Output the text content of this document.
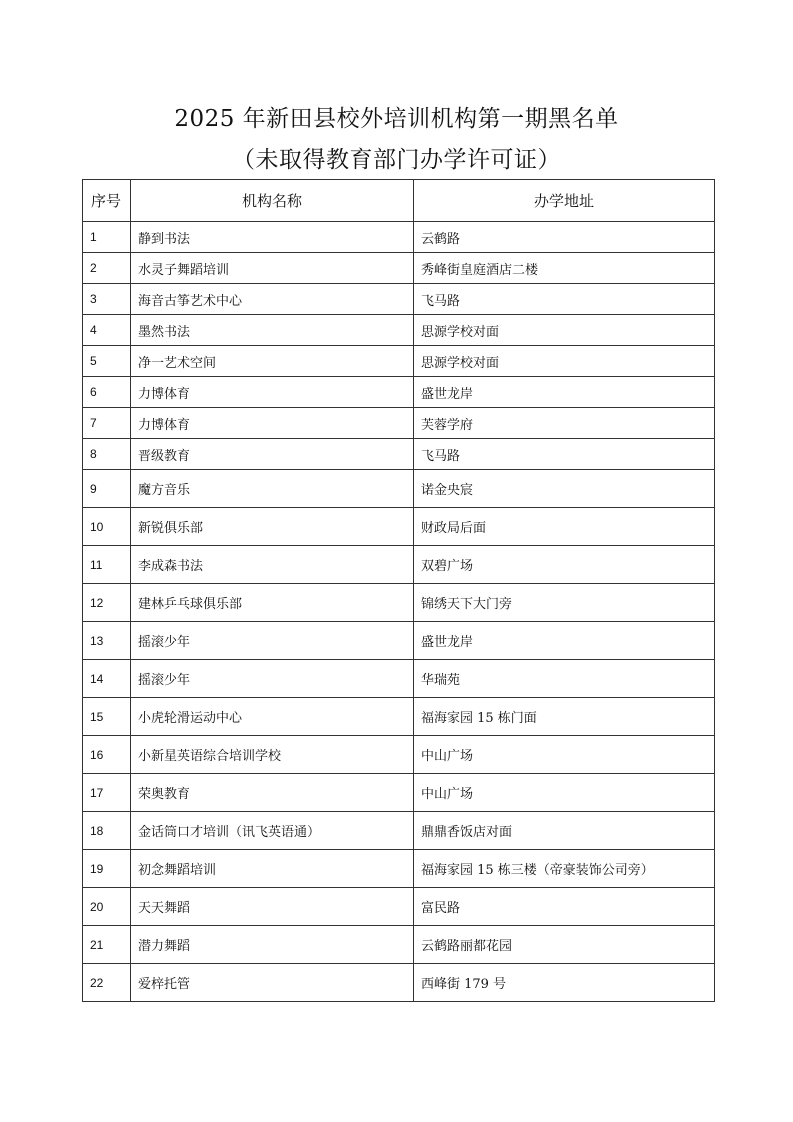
2025 年新田县校外培训机构第一期黑名单
（未取得教育部门办学许可证）
序号	机构名称	办学地址
1	静到书法	云鹤路
2	水灵子舞蹈培训	秀峰街皇庭酒店二楼
3	海音古筝艺术中心	飞马路
4	墨然书法	思源学校对面
5	净一艺术空间	思源学校对面
6	力博体育	盛世龙岸
7	力博体育	芙蓉学府
8	晋级教育	飞马路
9	魔方音乐	诺金央宸
10	新锐俱乐部	财政局后面
11	李成森书法	双碧广场
12	建林乒乓球俱乐部	锦绣天下大门旁
13	摇滚少年	盛世龙岸
14	摇滚少年	华瑞苑
15	小虎轮滑运动中心	福海家园 15 栋门面
16	小新星英语综合培训学校	中山广场
17	荣奥教育	中山广场
18	金话筒口才培训（讯飞英语通）	鼎鼎香饭店对面
19	初念舞蹈培训	福海家园 15 栋三楼（帝豪装饰公司旁）
20	天天舞蹈	富民路
21	潜力舞蹈	云鹤路丽都花园
22	爱梓托管	西峰街 179 号
